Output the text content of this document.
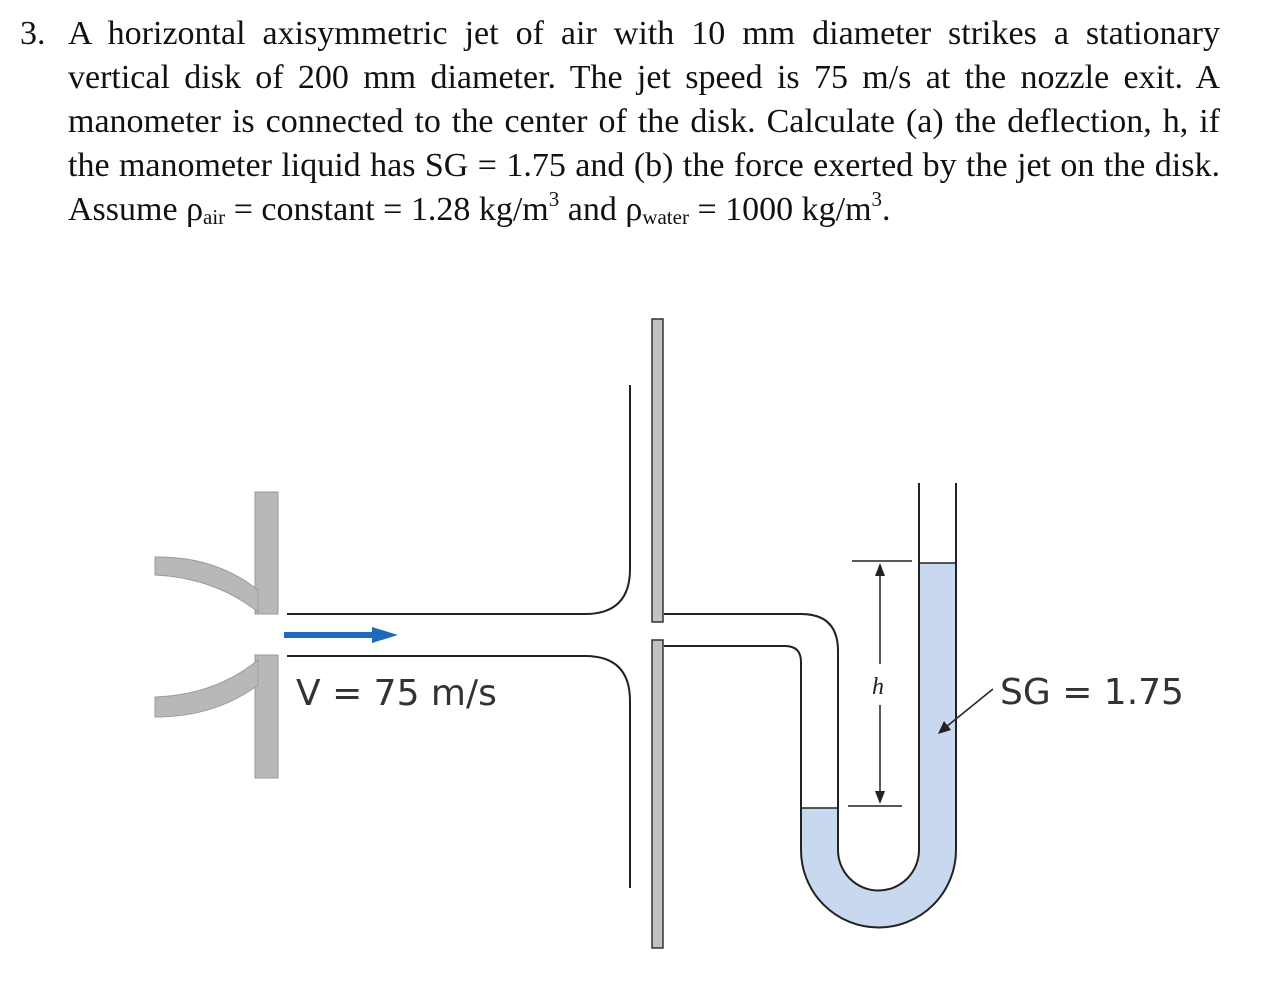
3. A horizontal axisymmetric jet of air with 10 mm diameter strikes a stationary vertical disk of 200 mm diameter. The jet speed is 75 m/s at the nozzle exit. A manometer is connected to the center of the disk. Calculate (a) the deflection, h, if the manometer liquid has SG = 1.75 and (b) the force exerted by the jet on the disk. Assume $\rho_{air}$ = constant = 1.28 $kg/m^3$ and $\rho_{water} = 1000$ $kg/m^3$.
V = 75 m/s	h	SG = 1.75
